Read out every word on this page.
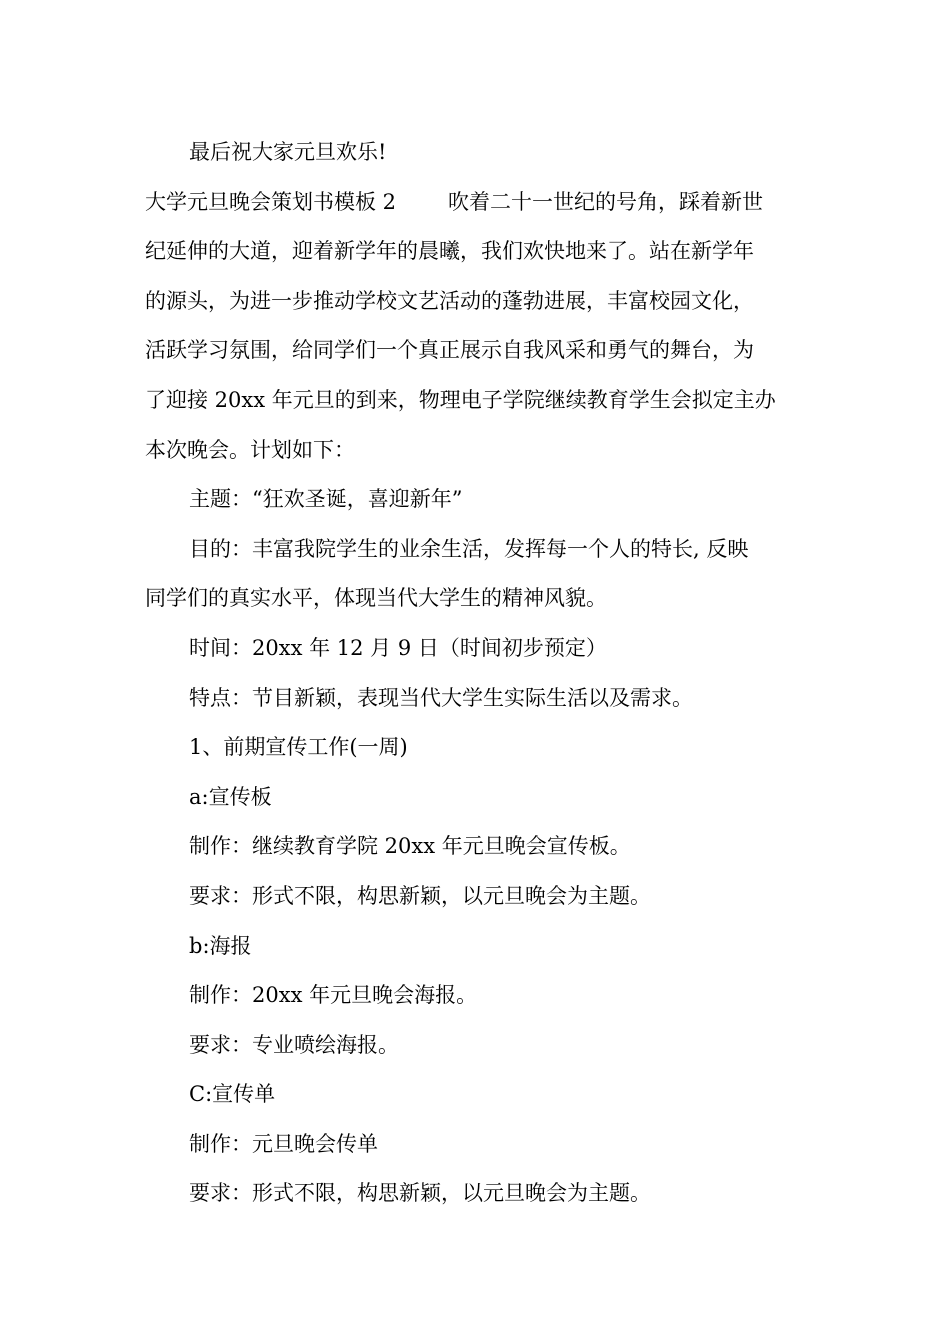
最后祝大家元旦欢乐!
大学元旦晚会策划书模板 2 吹着二十一世纪的号角，踩着新世
纪延伸的大道，迎着新学年的晨曦，我们欢快地来了。站在新学年
的源头，为进一步推动学校文艺活动的蓬勃进展，丰富校园文化，
活跃学习氛围，给同学们一个真正展示自我风采和勇气的舞台，为
了迎接 20xx 年元旦的到来，物理电子学院继续教育学生会拟定主办
本次晚会。计划如下：
主题：“狂欢圣诞，喜迎新年”
目的：丰富我院学生的业余生活，发挥每一个人的特长, 反映
同学们的真实水平，体现当代大学生的精神风貌。
时间：20xx 年 12 月 9 日（时间初步预定）
特点：节目新颖，表现当代大学生实际生活以及需求。
1、前期宣传工作(一周)
a:宣传板
制作：继续教育学院 20xx 年元旦晚会宣传板。
要求：形式不限，构思新颖，以元旦晚会为主题。
b:海报
制作：20xx 年元旦晚会海报。
要求：专业喷绘海报。
C:宣传单
制作：元旦晚会传单
要求：形式不限，构思新颖，以元旦晚会为主题。
